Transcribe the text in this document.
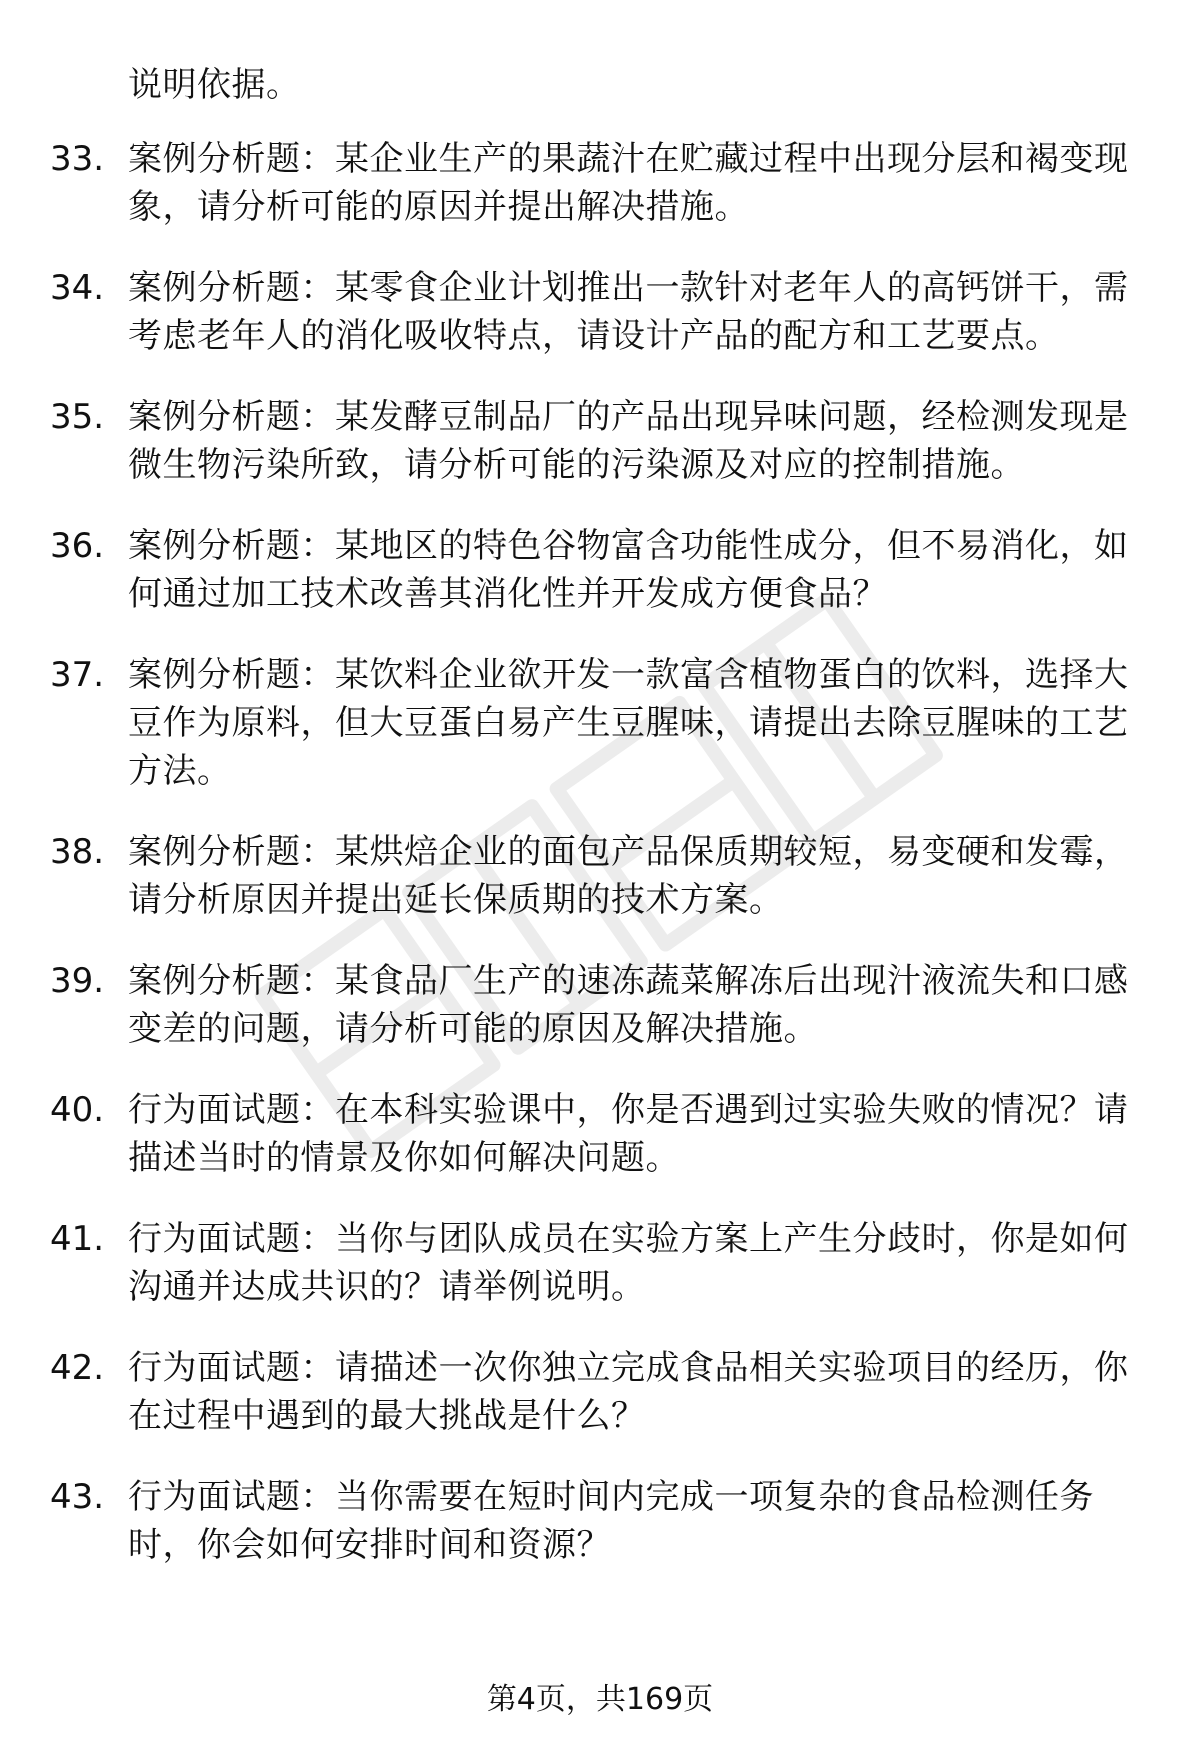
说明依据。
33. 案例分析题：某企业生产的果蔬汁在贮藏过程中出现分层和褐变现象，请分析可能的原因并提出解决措施。
34. 案例分析题：某零食企业计划推出一款针对老年人的高钙饼干，需考虑老年人的消化吸收特点，请设计产品的配方和工艺要点。
35. 案例分析题：某发酵豆制品厂的产品出现异味问题，经检测发现是微生物污染所致，请分析可能的污染源及对应的控制措施。
36. 案例分析题：某地区的特色谷物富含功能性成分，但不易消化，如何通过加工技术改善其消化性并开发成方便食品？
37. 案例分析题：某饮料企业欲开发一款富含植物蛋白的饮料，选择大豆作为原料，但大豆蛋白易产生豆腥味，请提出去除豆腥味的工艺方法。
38. 案例分析题：某烘焙企业的面包产品保质期较短，易变硬和发霉，请分析原因并提出延长保质期的技术方案。
39. 案例分析题：某食品厂生产的速冻蔬菜解冻后出现汁液流失和口感变差的问题，请分析可能的原因及解决措施。
40. 行为面试题：在本科实验课中，你是否遇到过实验失败的情况？请描述当时的情景及你如何解决问题。
41. 行为面试题：当你与团队成员在实验方案上产生分歧时，你是如何沟通并达成共识的？请举例说明。
42. 行为面试题：请描述一次你独立完成食品相关实验项目的经历，你在过程中遇到的最大挑战是什么？
43. 行为面试题：当你需要在短时间内完成一项复杂的食品检测任务时，你会如何安排时间和资源？
第4页，共169页
